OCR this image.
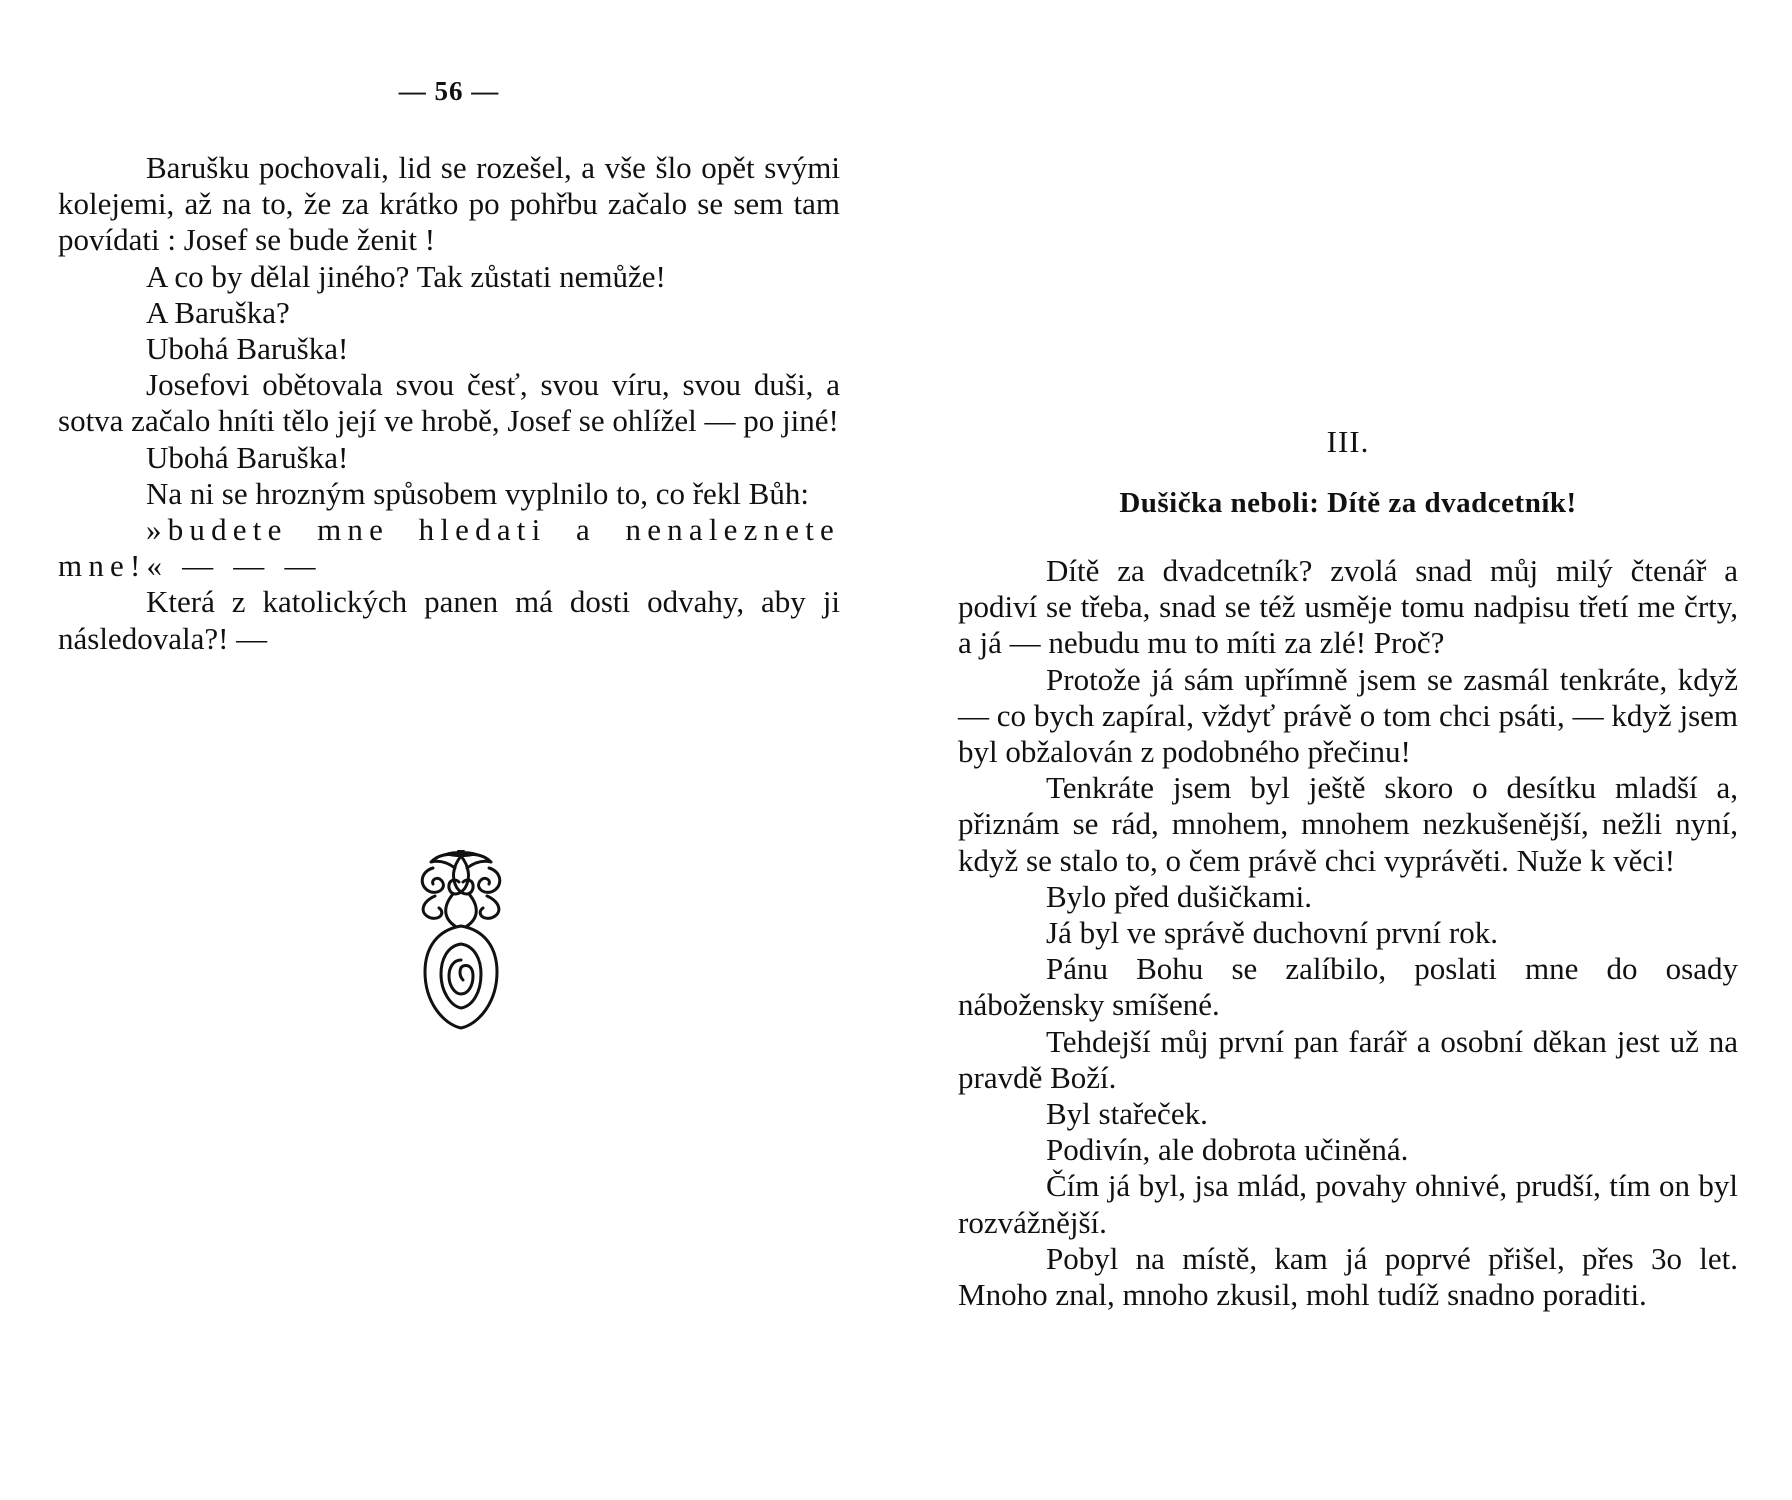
— 56 —

Barušku pochovali, lid se rozešel, a vše šlo opět svými kolejemi, až na to, že za krátko po pohřbu začalo se sem tam povídati : Josef se bude ženit !

A co by dělal jiného? Tak zůstati nemůže!

A Baruška?

Ubohá Baruška!

Josefovi obětovala svou česť, svou víru, svou duši, a sotva začalo hníti tělo její ve hrobě, Josef se ohlížel — po jiné!

Ubohá Baruška!

Na ni se hrozným spůsobem vyplnilo to, co řekl Bůh:

»budete mne hledati a nenaleznete mne!« — — —

Která z katolických panen má dosti odvahy, aby ji následovala?! —

III.
Dušička neboli: Dítě za dvadcetník!

Dítě za dvadcetník? zvolá snad můj milý čtenář a podiví se třeba, snad se též usměje tomu nadpisu třetí me črty, a já — nebudu mu to míti za zlé! Proč?

Protože já sám upřímně jsem se zasmál tenkráte, když — co bych zapíral, vždyť právě o tom chci psáti, — když jsem byl obžalován z podobného přečinu!

Tenkráte jsem byl ještě skoro o desítku mladší a, přiznám se rád, mnohem, mnohem nezkušenější, nežli nyní, když se stalo to, o čem právě chci vyprávěti. Nuže k věci!

Bylo před dušičkami.

Já byl ve správě duchovní první rok.

Pánu Bohu se zalíbilo, poslati mne do osady nábožensky smíšené.

Tehdejší můj první pan farář a osobní děkan jest už na pravdě Boží.

Byl stařeček.

Podivín, ale dobrota učiněná.

Čím já byl, jsa mlád, povahy ohnivé, prudší, tím on byl rozvážnější.

Pobyl na místě, kam já poprvé přišel, přes 3o let. Mnoho znal, mnoho zkusil, mohl tudíž snadno poraditi.
